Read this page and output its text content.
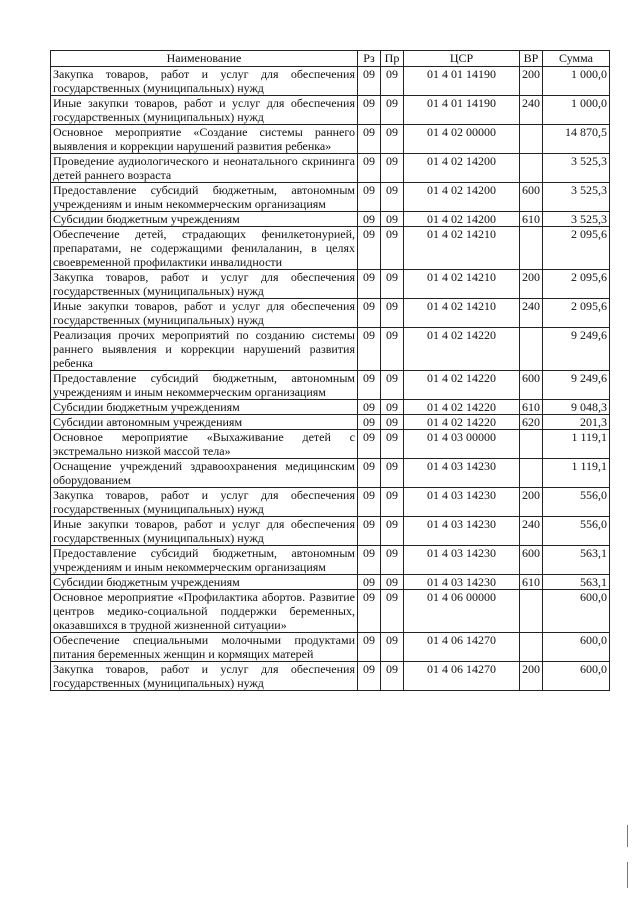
Наименование	Рз	Пр	ЦСР	ВР	Сумма
Закупка товаров, работ и услуг для обеспечения государственных (муниципальных) нужд	09	09	01 4 01 14190	200	1 000,0
Иные закупки товаров, работ и услуг для обеспечения государственных (муниципальных) нужд	09	09	01 4 01 14190	240	1 000,0
Основное мероприятие «Создание системы раннего выявления и коррекции нарушений развития ребенка»	09	09	01 4 02 00000		14 870,5
Проведение аудиологического и неонатального скрининга детей раннего возраста	09	09	01 4 02 14200		3 525,3
Предоставление субсидий бюджетным, автономным учреждениям и иным некоммерческим организациям	09	09	01 4 02 14200	600	3 525,3
Субсидии бюджетным учреждениям	09	09	01 4 02 14200	610	3 525,3
Обеспечение детей, страдающих фенилкетонурией, препаратами, не содержащими фенилаланин, в целях своевременной профилактики инвалидности	09	09	01 4 02 14210		2 095,6
Закупка товаров, работ и услуг для обеспечения государственных (муниципальных) нужд	09	09	01 4 02 14210	200	2 095,6
Иные закупки товаров, работ и услуг для обеспечения государственных (муниципальных) нужд	09	09	01 4 02 14210	240	2 095,6
Реализация прочих мероприятий по созданию системы раннего выявления и коррекции нарушений развития ребенка	09	09	01 4 02 14220		9 249,6
Предоставление субсидий бюджетным, автономным учреждениям и иным некоммерческим организациям	09	09	01 4 02 14220	600	9 249,6
Субсидии бюджетным учреждениям	09	09	01 4 02 14220	610	9 048,3
Субсидии автономным учреждениям	09	09	01 4 02 14220	620	201,3
Основное мероприятие «Выхаживание детей с экстремально низкой массой тела»	09	09	01 4 03 00000		1 119,1
Оснащение учреждений здравоохранения медицинским оборудованием	09	09	01 4 03 14230		1 119,1
Закупка товаров, работ и услуг для обеспечения государственных (муниципальных) нужд	09	09	01 4 03 14230	200	556,0
Иные закупки товаров, работ и услуг для обеспечения государственных (муниципальных) нужд	09	09	01 4 03 14230	240	556,0
Предоставление субсидий бюджетным, автономным учреждениям и иным некоммерческим организациям	09	09	01 4 03 14230	600	563,1
Субсидии бюджетным учреждениям	09	09	01 4 03 14230	610	563,1
Основное мероприятие «Профилактика абортов. Развитие центров медико-социальной поддержки беременных, оказавшихся в трудной жизненной ситуации»	09	09	01 4 06 00000		600,0
Обеспечение специальными молочными продуктами питания беременных женщин и кормящих матерей	09	09	01 4 06 14270		600,0
Закупка товаров, работ и услуг для обеспечения государственных (муниципальных) нужд	09	09	01 4 06 14270	200	600,0
